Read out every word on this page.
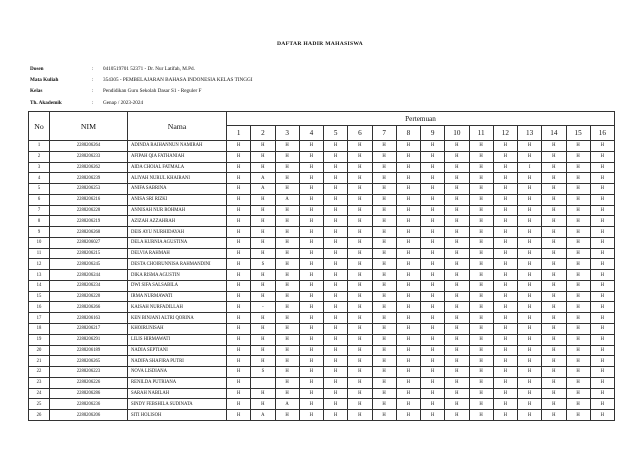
DAFTAR HADIR MAHASISWA
Dosen	: 0410519701 52371 - Dr. Nur Latifah, M.Pd.
Mata Kuliah	: 354305 - PEMBELAJARAN BAHASA INDONESIA KELAS TINGGI
Kelas	: Pendidikan Guru Sekolah Dasar S1 - Reguler F
Th. Akademik	: Genap / 2023-2024
No	NIM	Nama	Pertemuan															
			1	2	3	4	5	6	7	8	9	10	11	12	13	14	15	16
1	2288206264	ADINDA RAIHANNUN NAMIRAH	H	H	H	H	H	H	H	H	H	H	H	H	H	H	H	H
2	2288206233	AFIPAH QIA FATHANIAH	H	H	H	H	H	H	H	H	H	H	H	H	H	H	H	H
3	2288206262	AIDA CHOIAL FATMALA	H	H	H	H	H	H	H	H	H	H	H	H	I	H	H	H
4	2288206239	ALIYAH NURUL KHAIRANI	H	A	H	H	H	H	H	H	H	H	H	H	H	H	H	H
5	2288206253	ANIFA SABRINA	H	A	H	H	H	H	H	H	H	H	H	H	H	H	H	H
6	2288206216	ANISA SRI RIZKI	H	H	A	H	H	H	H	H	H	H	H	H	H	H	H	H
7	2288206228	ANNISAH NUR ROHMAH	H	H	H	H	H	H	H	H	H	H	H	H	H	H	H	H
8	2288206219	AZIZAH AZZAHRAH	H	H	H	H	H	H	H	H	H	H	H	H	H	H	H	H
9	2288206268	DEIS AYU NURHIDAYAH	H	H	H	H	H	H	H	H	H	H	H	H	H	H	H	H
10	2288206027	DELA KURNIA AGUSTINA	H	H	H	H	H	H	H	H	H	H	H	H	H	H	H	H
11	2288206215	DELVIA RAHMAH	H	H	H	H	H	H	H	H	H	H	H	H	H	H	H	H
12	2288206245	DESTA CHOIRUNNISA RAHMANDINI	H	S	H	H	H	H	H	H	H	H	H	H	H	H	H	H
13	2288206244	DIKA RISMA AGUSTIN	H	H	H	H	H	H	H	H	H	H	H	H	H	H	H	H
14	2288206234	DWI SIFA SALSABILA	H	H	H	H	H	H	H	H	H	H	H	H	H	H	H	H
15	2288206220	IRMA NURMAWATI	H	H	H	H	H	H	H	H	H	H	H	H	H	H	H	H
16	2288206266	KAISAH NURFADILLAH	H	-	H	H	H	H	H	H	H	H	H	H	H	H	H	H
17	2288206163	KEN BINJANI ALTRI QORINA	H	H	H	H	H	H	H	H	H	H	H	H	H	H	H	H
18	2288206217	KHOIRUNISAH	H	H	H	H	H	H	H	H	H	H	H	H	H	H	H	H
19	2288206291	LILIS HIRMAWATI	H	H	H	H	H	H	H	H	H	H	H	H	H	H	H	H
20	2288206189	NADIA SEPTIANI	H	H	H	H	H	H	H	H	H	H	H	H	H	H	H	H
21	2288206265	NADIFA SHAFIRA PUTRI	H	H	H	H	H	H	H	H	H	H	H	H	H	H	H	H
22	2288206223	NOVA LISDIANA	H	S	H	H	H	H	H	H	H	H	H	H	H	H	H	H
23	2288206226	RENILDA PUTRIANA	H		H	H	H	H	H	H	H	H	H	H	H	H	H	H
24	2288206286	SARAH NABILAH	H	H	H	H	H	H	H	H	H	H	H	H	H	H	H	H
25	2288206236	SINDY FEBSHILA SUDINATA	H	H	A	H	H	H	H	H	H	H	H	H	H	H	H	H
26	2288206206	SITI HOLISOH	H	A	H	H	H	H	H	H	H	H	H	H	H	H	H	H
